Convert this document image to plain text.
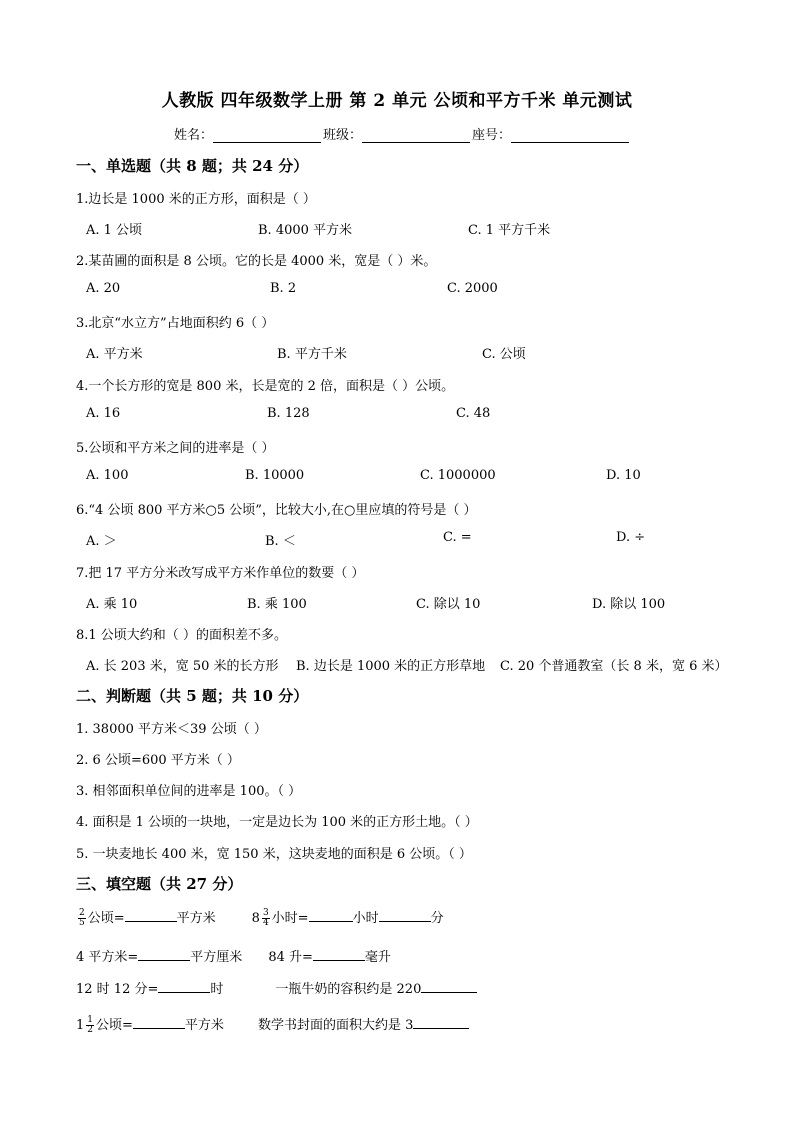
人教版 四年级数学上册 第 2 单元 公顷和平方千米 单元测试
姓名：	班级：	座号：
一、单选题（共 8 题；共 24 分）
1.边长是 1000 米的正方形，面积是（ ）
A. 1 公顷	B. 4000 平方米	C. 1 平方千米
2.某苗圃的面积是 8 公顷。它的长是 4000 米，宽是（ ）米。
A. 20	B. 2	C. 2000
3.北京“水立方”占地面积约 6（ ）
A. 平方米	B. 平方千米	C. 公顷
4.一个长方形的宽是 800 米，长是宽的 2 倍，面积是（ ）公顷。
A. 16	B. 128	C. 48
5.公顷和平方米之间的进率是（ ）
A. 100	B. 10000	C. 1000000	D. 10
6.“4 公顷 800 平方米○5 公顷”，比较大小,在○里应填的符号是（ ）
A. ＞	B. ＜	C. =	D. ÷
7.把 17 平方分米改写成平方米作单位的数要（ ）
A. 乘 10	B. 乘 100	C. 除以 10	D. 除以 100
8.1 公顷大约和（ ）的面积差不多。
A. 长 203 米，宽 50 米的长方形 B. 边长是 1000 米的正方形草地 C. 20 个普通教室（长 8 米，宽 6 米）
二、判断题（共 5 题；共 10 分）
1. 38000 平方米＜39 公顷（ ）
2. 6 公顷=600 平方米（ ）
3. 相邻面积单位间的进率是 100。（ ）
4. 面积是 1 公顷的一块地，一定是边长为 100 米的正方形土地。（ ）
5. 一块麦地长 400 米，宽 150 米，这块麦地的面积是 6 公顷。（ ）
三、填空题（共 27 分）
$\frac{2}{5}$ 公顷=	平方米	$8 \frac{3}{4}$ 小时=	小时	分
4 平方米=	平方厘米 84 升=	毫升
12 时 12 分=	时	一瓶牛奶的容积约是 220
$1 \frac{1}{2}$ 公顷=	平方米	数学书封面的面积大约是 3
